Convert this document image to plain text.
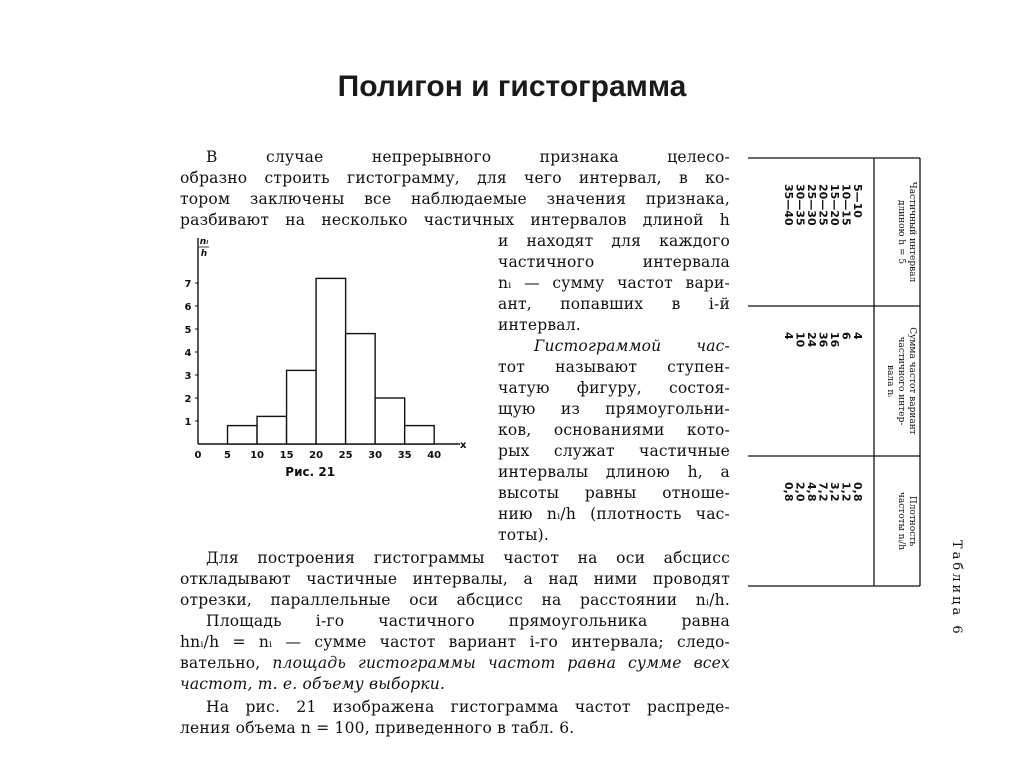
Полигон и гистограмма
В случае непрерывного признака целесо-
образно строить гистограмму, для чего интервал, в ко-
тором заключены все наблюдаемые значения признака,
разбивают на несколько частичных интервалов длиной h
и находят для каждого
частичного интервала
nᵢ — сумму частот вари-
ант, попавших в i-й
интервал.
Гистограммой час-
тот называют ступен-
чатую фигуру, состоя-
щую из прямоугольни-
ков, основаниями кото-
рых служат частичные
интервалы длиною h, а
высоты равны отноше-
нию nᵢ/h (плотность час-
тоты).
Для построения гистограммы частот на оси абсцисс
откладывают частичные интервалы, а над ними проводят
отрезки, параллельные оси абсцисс на расстоянии nᵢ/h.
Площадь i-го частичного прямоугольника равна
hnᵢ/h = nᵢ — сумме частот вариант i-го интервала; следо-
вательно, площадь гистограммы частот равна сумме всех
частот, т. е. объему выборки.
На рис. 21 изображена гистограмма частот распреде-
ления объема n = 100, приведенного в табл. 6.
0 5 10 15 20 25 30 35 40
1
2
3
4
5
6
7
x
nᵢ
h
Рис. 21
Частичный интервал
длиною h = 5
Сумма частот вариант
частичного интер-
вала nᵢ
Плотность
частоты nᵢ/h
5—10
10—15
15—20
20—25
25—30
30—35
35—40
4
6
16
36
24
10
4
0,8
1,2
3,2
7,2
4,8
2,0
0,8
Таблица 6
